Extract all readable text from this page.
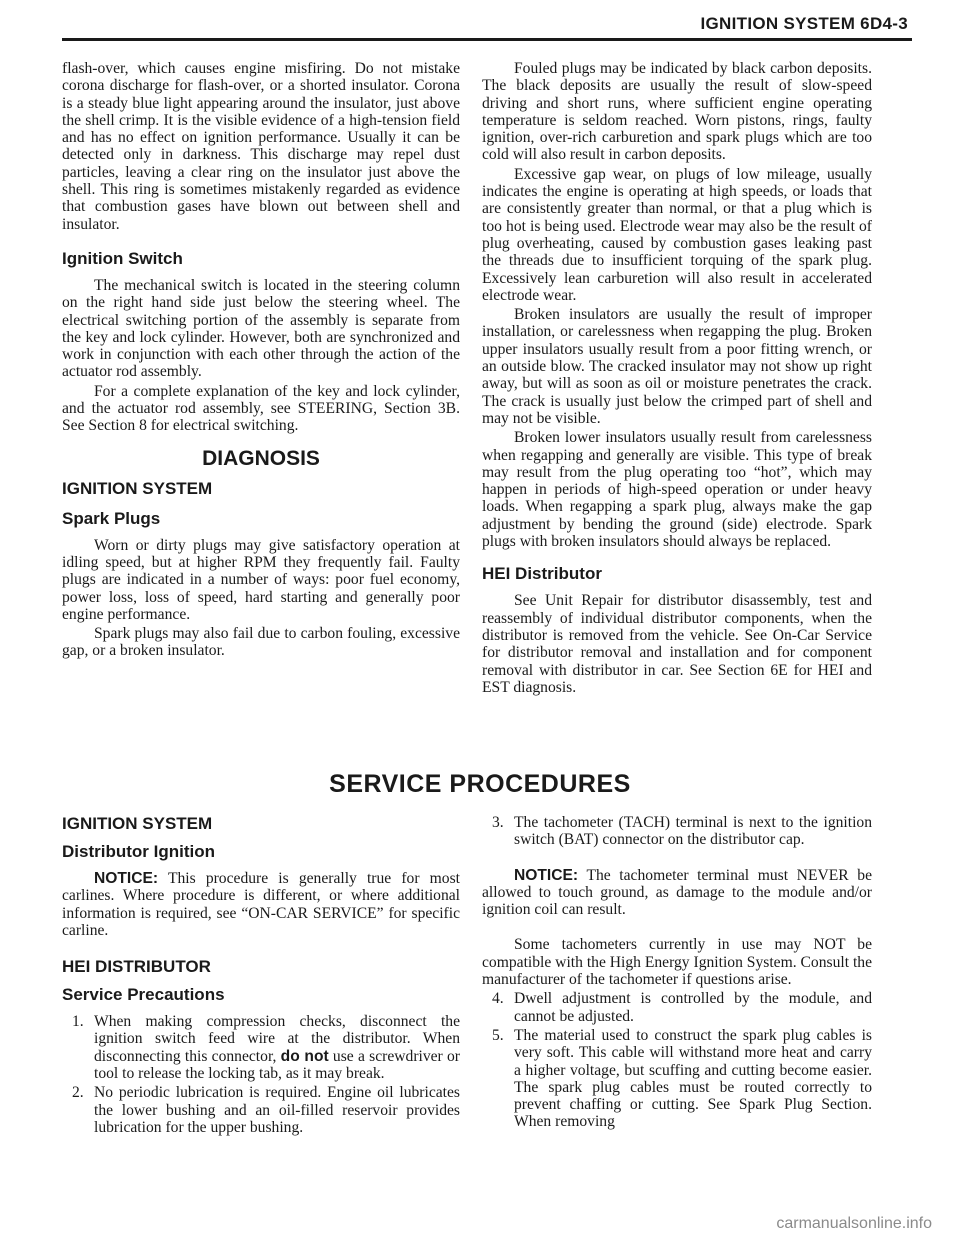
IGNITION SYSTEM 6D4-3

flash-over, which causes engine misfiring. Do not mistake corona discharge for flash-over, or a shorted insulator. Corona is a steady blue light appearing around the insulator, just above the shell crimp. It is the visible evidence of a high-tension field and has no effect on ignition performance. Usually it can be detected only in darkness. This discharge may repel dust particles, leaving a clear ring on the insulator just above the shell. This ring is sometimes mistakenly regarded as evidence that combustion gases have blown out between shell and insulator.

Ignition Switch

The mechanical switch is located in the steering column on the right hand side just below the steering wheel. The electrical switching portion of the assembly is separate from the key and lock cylinder. However, both are synchronized and work in conjunction with each other through the action of the actuator rod assembly.

For a complete explanation of the key and lock cylinder, and the actuator rod assembly, see STEERING, Section 3B. See Section 8 for electrical switching.

DIAGNOSIS
IGNITION SYSTEM
Spark Plugs

Worn or dirty plugs may give satisfactory operation at idling speed, but at higher RPM they frequently fail. Faulty plugs are indicated in a number of ways: poor fuel economy, power loss, loss of speed, hard starting and generally poor engine performance.

Spark plugs may also fail due to carbon fouling, excessive gap, or a broken insulator.

Fouled plugs may be indicated by black carbon deposits. The black deposits are usually the result of slow-speed driving and short runs, where sufficient engine operating temperature is seldom reached. Worn pistons, rings, faulty ignition, over-rich carburetion and spark plugs which are too cold will also result in carbon deposits.

Excessive gap wear, on plugs of low mileage, usually indicates the engine is operating at high speeds, or loads that are consistently greater than normal, or that a plug which is too hot is being used. Electrode wear may also be the result of plug overheating, caused by combustion gases leaking past the threads due to insufficient torquing of the spark plug. Excessively lean carburetion will also result in accelerated electrode wear.

Broken insulators are usually the result of improper installation, or carelessness when regapping the plug. Broken upper insulators usually result from a poor fitting wrench, or an outside blow. The cracked insulator may not show up right away, but will as soon as oil or moisture penetrates the crack. The crack is usually just below the crimped part of shell and may not be visible.

Broken lower insulators usually result from carelessness when regapping and generally are visible. This type of break may result from the plug operating too “hot”, which may happen in periods of high-speed operation or under heavy loads. When regapping a spark plug, always make the gap adjustment by bending the ground (side) electrode. Spark plugs with broken insulators should always be replaced.

HEI Distributor

See Unit Repair for distributor disassembly, test and reassembly of individual distributor components, when the distributor is removed from the vehicle. See On-Car Service for distributor removal and installation and for component removal with distributor in car. See Section 6E for HEI and EST diagnosis.

SERVICE PROCEDURES
IGNITION SYSTEM
Distributor Ignition

NOTICE: This procedure is generally true for most carlines. Where procedure is different, or where additional information is required, see “ON-CAR SERVICE” for specific carline.

HEI DISTRIBUTOR
Service Precautions
1. When making compression checks, disconnect the ignition switch feed wire at the distributor. When disconnecting this connector, do not use a screwdriver or tool to release the locking tab, as it may break.
2. No periodic lubrication is required. Engine oil lubricates the lower bushing and an oil-filled reservoir provides lubrication for the upper bushing.
3. The tachometer (TACH) terminal is next to the ignition switch (BAT) connector on the distributor cap.

NOTICE: The tachometer terminal must NEVER be allowed to touch ground, as damage to the module and/or ignition coil can result.

Some tachometers currently in use may NOT be compatible with the High Energy Ignition System. Consult the manufacturer of the tachometer if questions arise.

4. Dwell adjustment is controlled by the module, and cannot be adjusted.
5. The material used to construct the spark plug cables is very soft. This cable will withstand more heat and carry a higher voltage, but scuffing and cutting become easier. The spark plug cables must be routed correctly to prevent chaffing or cutting. See Spark Plug Section. When removing
carmanualsonline.info
